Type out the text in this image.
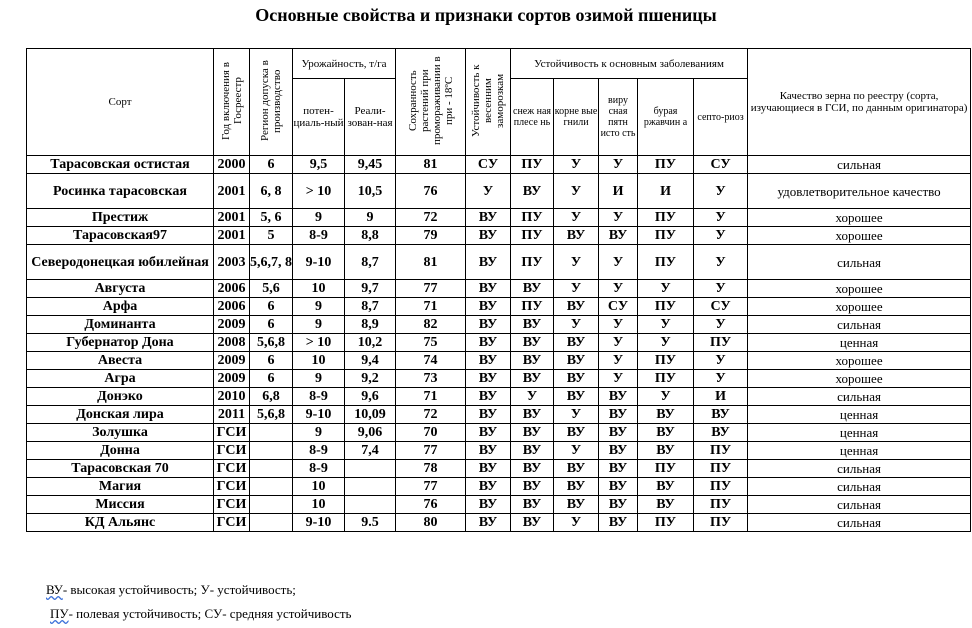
Основные свойства и признаки сортов озимой пшеницы
Сорт	Год включения в Госреестр	Регион допуска в производство	Урожайность, т/га		Сохранность растений при промораживании в при - 18ºС	Устойчивость к весенним заморозкам	Устойчивость к основным заболеваниям					Качество зерна по реестру (сорта, изучающиеся в ГСИ, по данным оригинатора)
			потен-циаль-ный	Реали-зован-ная			снеж ная плесе нь	корне вые гнили	виру сная пятн исто сть	бурая ржавчин а	септо-риоз	
Тарасовская остистая	2000	6	9,5	9,45	81	СУ	ПУ	У	У	ПУ	СУ	сильная
Росинка тарасовская	2001	6, 8	> 10	10,5	76	У	ВУ	У	И	И	У	удовлетворительное качество
Престиж	2001	5, 6	9	9	72	ВУ	ПУ	У	У	ПУ	У	хорошее
Тарасовская97	2001	5	8-9	8,8	79	ВУ	ПУ	ВУ	ВУ	ПУ	У	хорошее
Северодонецкая юбилейная	2003	5,6,7, 8	9-10	8,7	81	ВУ	ПУ	У	У	ПУ	У	сильная
Августа	2006	5,6	10	9,7	77	ВУ	ВУ	У	У	У	У	хорошее
Арфа	2006	6	9	8,7	71	ВУ	ПУ	ВУ	СУ	ПУ	СУ	хорошее
Доминанта	2009	6	9	8,9	82	ВУ	ВУ	У	У	У	У	сильная
Губернатор Дона	2008	5,6,8	> 10	10,2	75	ВУ	ВУ	ВУ	У	У	ПУ	ценная
Авеста	2009	6	10	9,4	74	ВУ	ВУ	ВУ	У	ПУ	У	хорошее
Агра	2009	6	9	9,2	73	ВУ	ВУ	ВУ	У	ПУ	У	хорошее
Донэко	2010	6,8	8-9	9,6	71	ВУ	У	ВУ	ВУ	У	И	сильная
Донская лира	2011	5,6,8	9-10	10,09	72	ВУ	ВУ	У	ВУ	ВУ	ВУ	ценная
Золушка	ГСИ		9	9,06	70	ВУ	ВУ	ВУ	ВУ	ВУ	ВУ	ценная
Донна	ГСИ		8-9	7,4	77	ВУ	ВУ	У	ВУ	ВУ	ПУ	ценная
Тарасовская 70	ГСИ		8-9		78	ВУ	ВУ	ВУ	ВУ	ПУ	ПУ	сильная
Магия	ГСИ		10		77	ВУ	ВУ	ВУ	ВУ	ВУ	ПУ	сильная
Миссия	ГСИ		10		76	ВУ	ВУ	ВУ	ВУ	ВУ	ПУ	сильная
КД Альянс	ГСИ		9-10	9.5	80	ВУ	ВУ	У	ВУ	ПУ	ПУ	сильная
ВУ- высокая устойчивость; У- устойчивость;
ПУ- полевая устойчивость; СУ- средняя устойчивость
